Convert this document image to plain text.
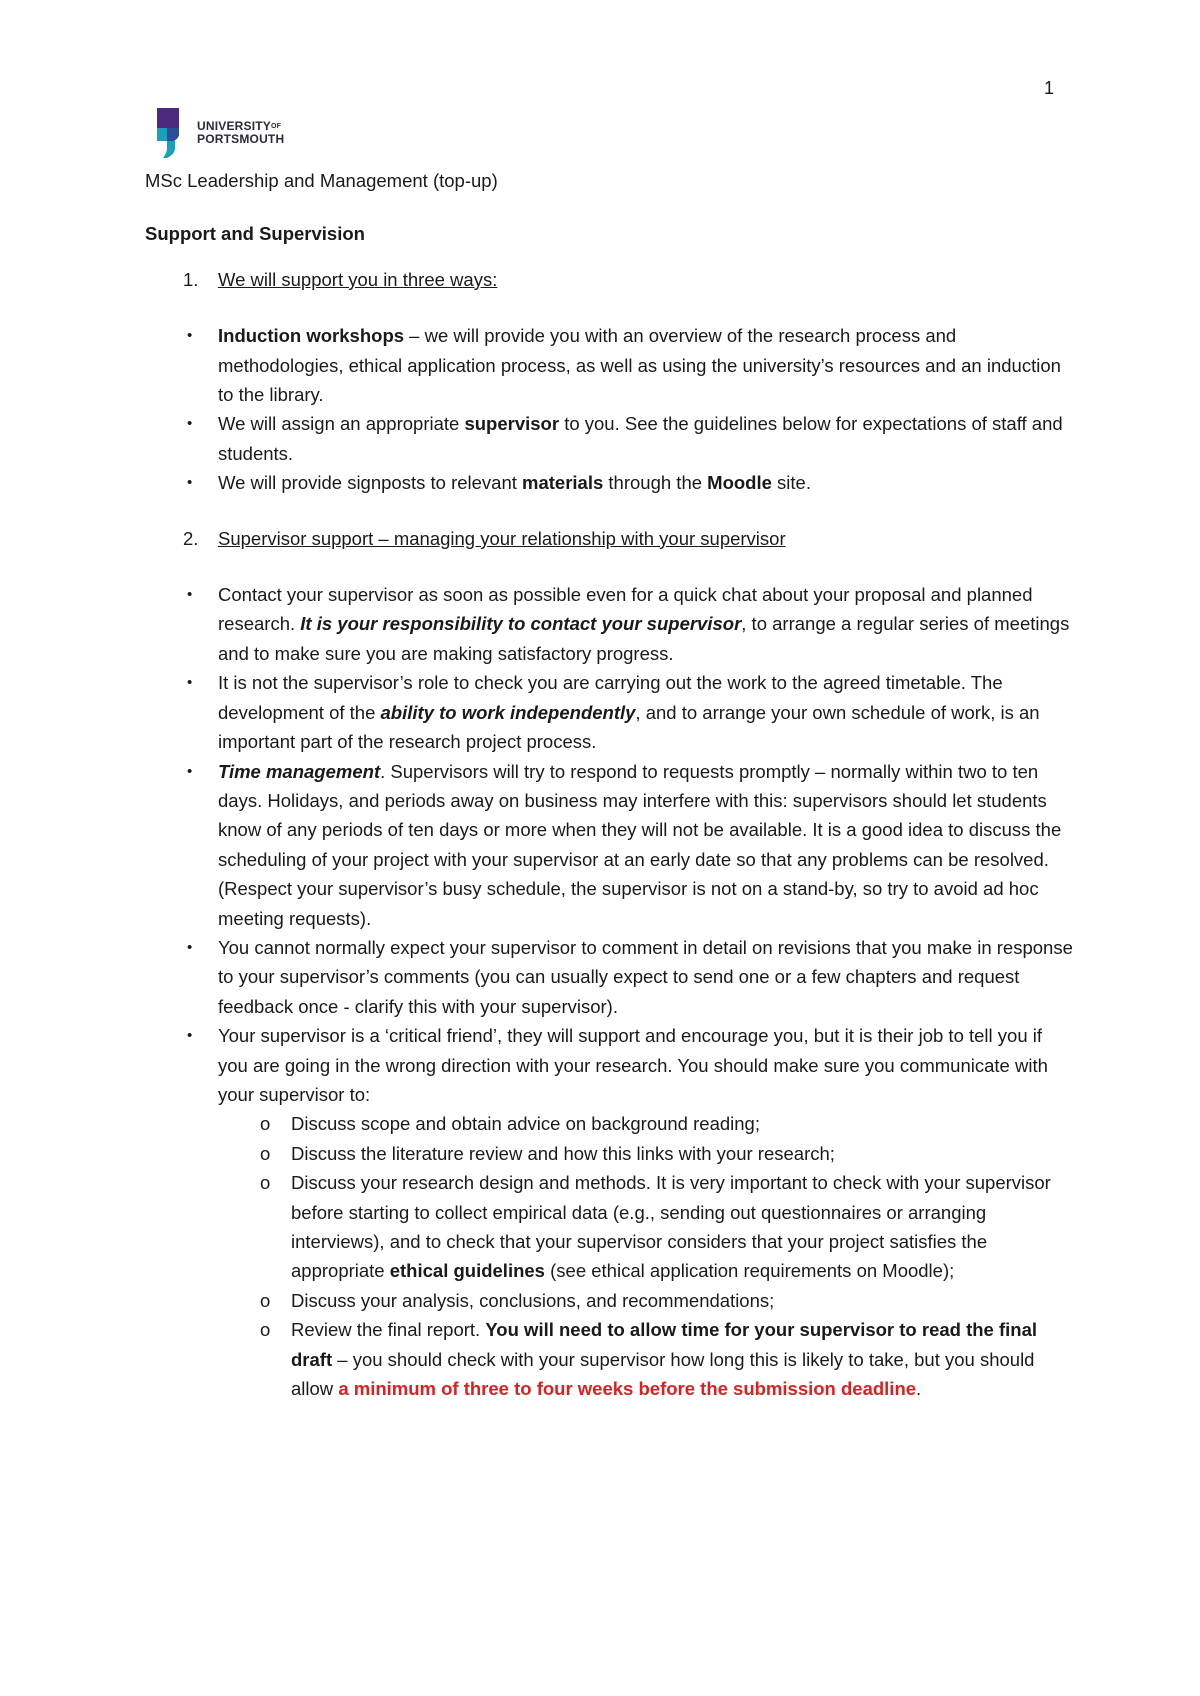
1
$UNIVERSITY^{OF}$
PORTSMOUTH

MSc Leadership and Management (top-up)

Support and Supervision

1. We will support you in three ways:
• Induction workshops – we will provide you with an overview of the research process and methodologies, ethical application process, as well as using the university’s resources and an induction to the library.
• We will assign an appropriate supervisor to you. See the guidelines below for expectations of staff and students.
• We will provide signposts to relevant materials through the Moodle site.
2. Supervisor support – managing your relationship with your supervisor
• Contact your supervisor as soon as possible even for a quick chat about your proposal and planned research. It is your responsibility to contact your supervisor, to arrange a regular series of meetings and to make sure you are making satisfactory progress.
• It is not the supervisor’s role to check you are carrying out the work to the agreed timetable. The development of the ability to work independently, and to arrange your own schedule of work, is an important part of the research project process.
• Time management. Supervisors will try to respond to requests promptly – normally within two to ten days. Holidays, and periods away on business may interfere with this: supervisors should let students know of any periods of ten days or more when they will not be available. It is a good idea to discuss the scheduling of your project with your supervisor at an early date so that any problems can be resolved. (Respect your supervisor’s busy schedule, the supervisor is not on a stand-by, so try to avoid ad hoc meeting requests).
• You cannot normally expect your supervisor to comment in detail on revisions that you make in response to your supervisor’s comments (you can usually expect to send one or a few chapters and request feedback once - clarify this with your supervisor).
• Your supervisor is a ‘critical friend’, they will support and encourage you, but it is their job to tell you if you are going in the wrong direction with your research. You should make sure you communicate with your supervisor to:
o Discuss scope and obtain advice on background reading;
o Discuss the literature review and how this links with your research;
o Discuss your research design and methods. It is very important to check with your supervisor before starting to collect empirical data (e.g., sending out questionnaires or arranging interviews), and to check that your supervisor considers that your project satisfies the appropriate ethical guidelines (see ethical application requirements on Moodle);
o Discuss your analysis, conclusions, and recommendations;
o Review the final report. You will need to allow time for your supervisor to read the final draft – you should check with your supervisor how long this is likely to take, but you should allow a minimum of three to four weeks before the submission deadline.
